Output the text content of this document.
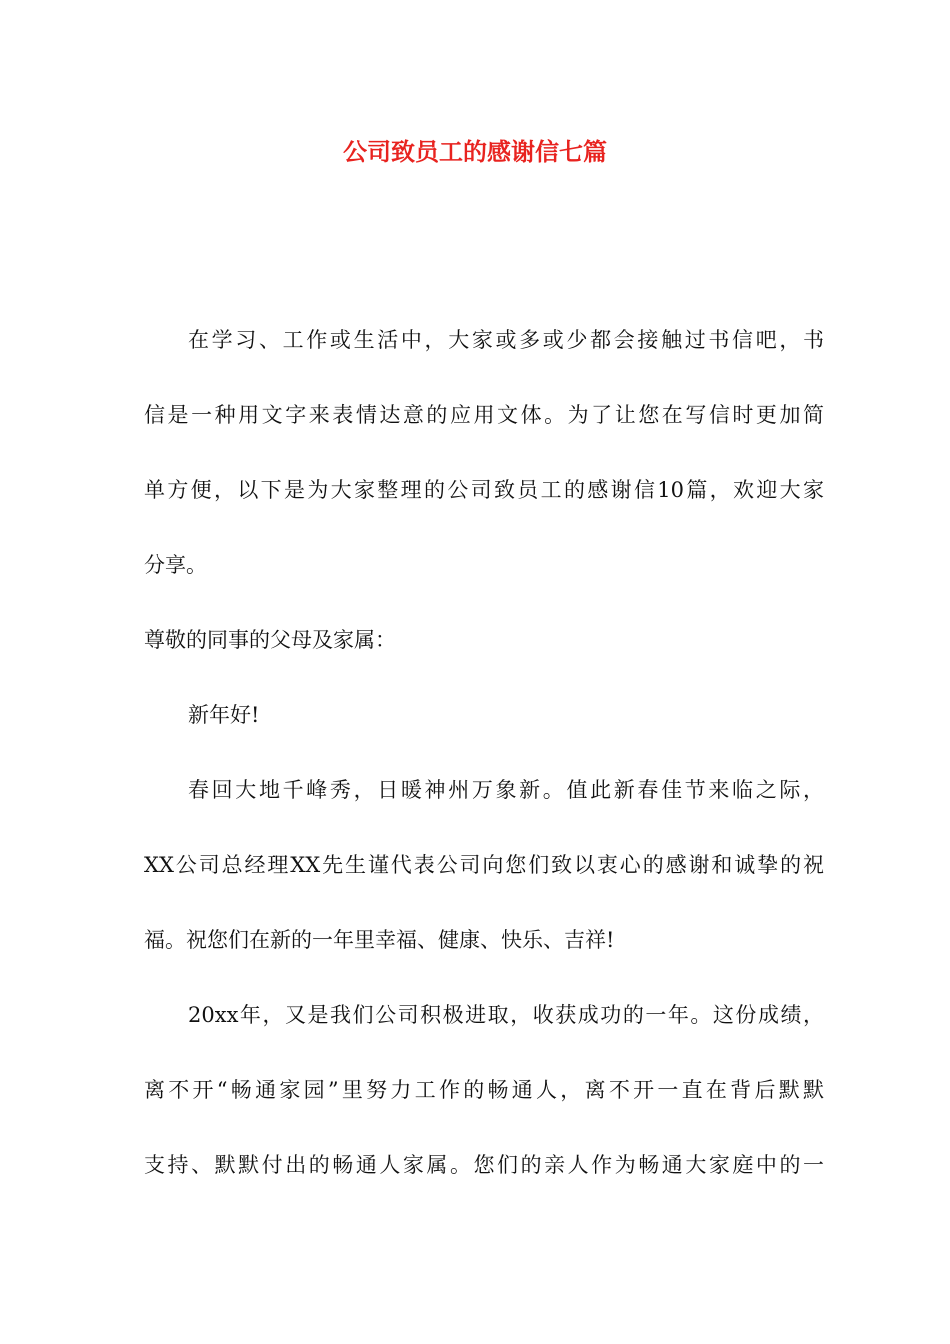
公司致员工的感谢信七篇

在学习、工作或生活中，大家或多或少都会接触过书信吧，书

信是一种用文字来表情达意的应用文体。为了让您在写信时更加简

单方便，以下是为大家整理的公司致员工的感谢信10篇，欢迎大家

分享。

尊敬的同事的父母及家属：

新年好!

春回大地千峰秀，日暖神州万象新。值此新春佳节来临之际，

XX公司总经理XX先生谨代表公司向您们致以衷心的感谢和诚挚的祝

福。祝您们在新的一年里幸福、健康、快乐、吉祥!

20xx年，又是我们公司积极进取，收获成功的一年。这份成绩，

离不开“畅通家园”里努力工作的畅通人，离不开一直在背后默默

支持、默默付出的畅通人家属。您们的亲人作为畅通大家庭中的一
